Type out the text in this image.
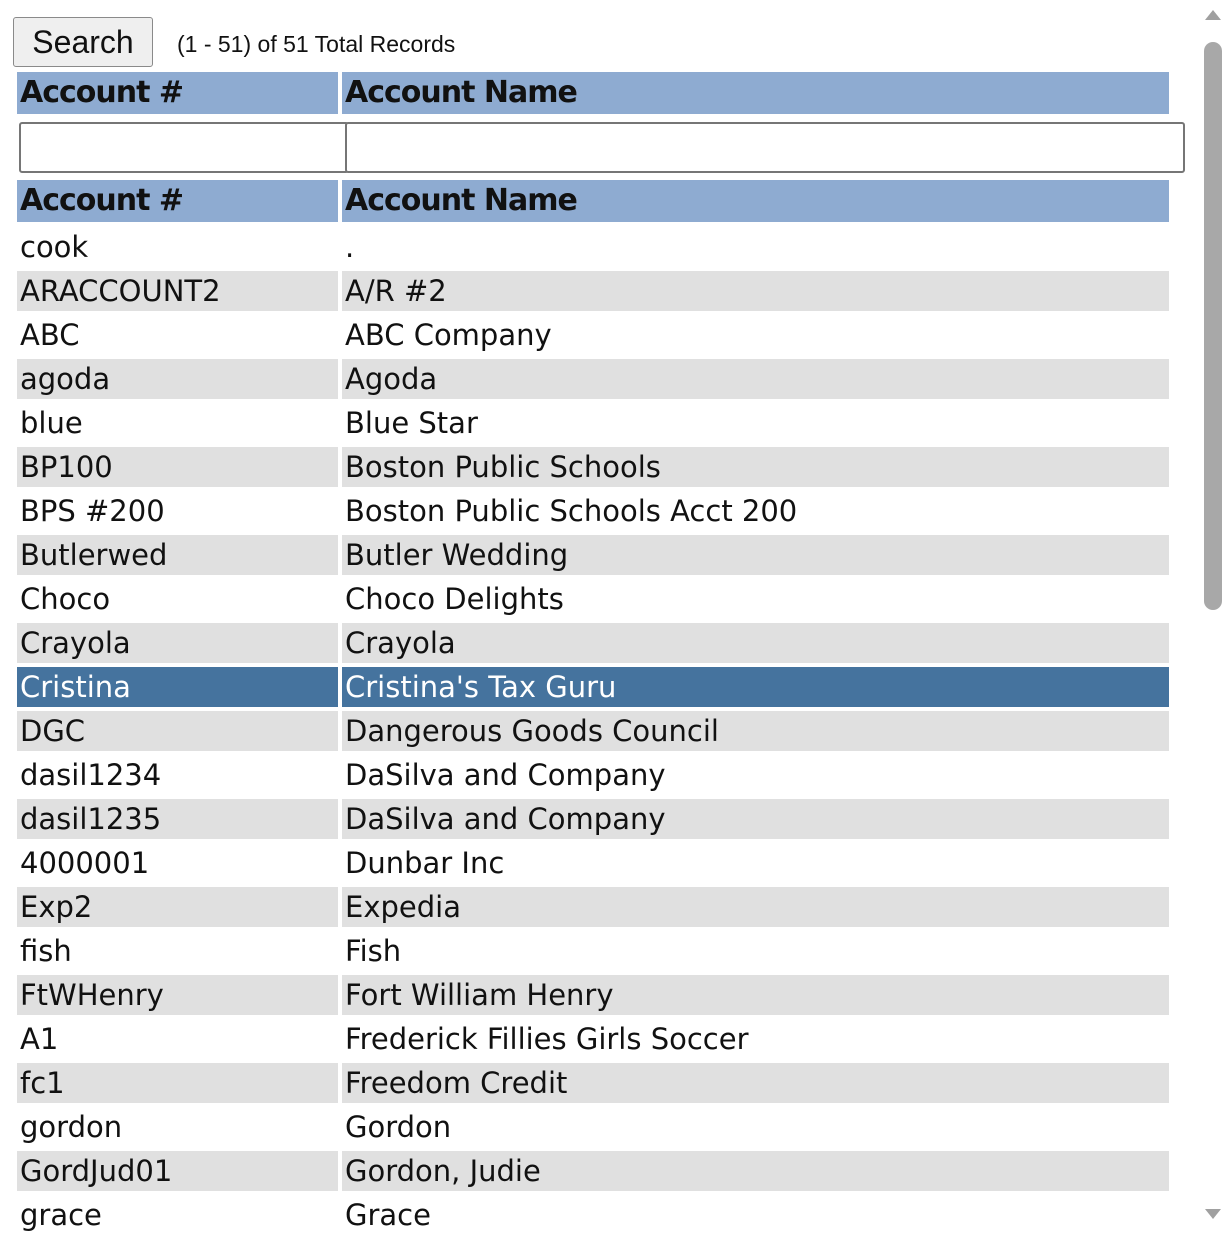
Search	(1 - 51) of 51 Total Records
Account #	Account Name
Account #	Account Name
cook	.
ARACCOUNT2	A/R #2
ABC	ABC Company
agoda	Agoda
blue	Blue Star
BP100	Boston Public Schools
BPS #200	Boston Public Schools Acct 200
Butlerwed	Butler Wedding
Choco	Choco Delights
Crayola	Crayola
Cristina	Cristina's Tax Guru
DGC	Dangerous Goods Council
dasil1234	DaSilva and Company
dasil1235	DaSilva and Company
4000001	Dunbar Inc
Exp2	Expedia
fish	Fish
FtWHenry	Fort William Henry
A1	Frederick Fillies Girls Soccer
fc1	Freedom Credit
gordon	Gordon
GordJud01	Gordon, Judie
grace	Grace
